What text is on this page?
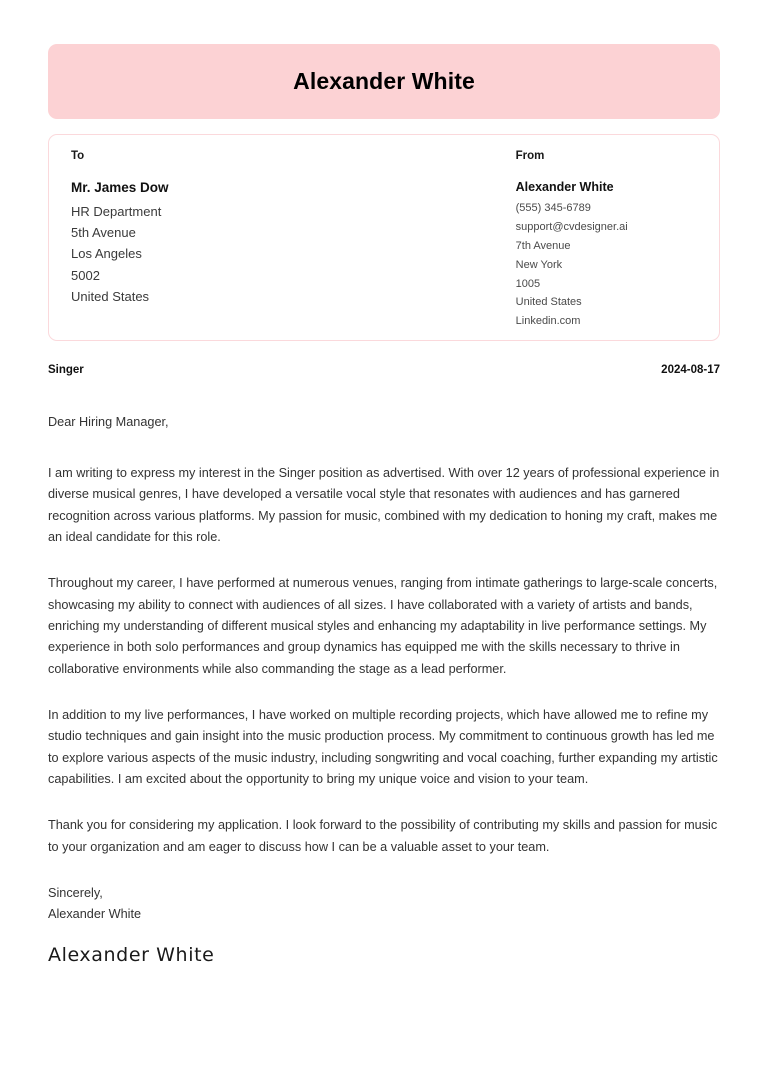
Alexander White
To
Mr. James Dow
HR Department
5th Avenue
Los Angeles
5002
United States
From
Alexander White
(555) 345-6789
support@cvdesigner.ai
7th Avenue
New York
1005
United States
Linkedin.com
Singer	2024-08-17

Dear Hiring Manager,

I am writing to express my interest in the Singer position as advertised. With over 12 years of professional experience in diverse musical genres, I have developed a versatile vocal style that resonates with audiences and has garnered recognition across various platforms. My passion for music, combined with my dedication to honing my craft, makes me an ideal candidate for this role.

Throughout my career, I have performed at numerous venues, ranging from intimate gatherings to large-scale concerts, showcasing my ability to connect with audiences of all sizes. I have collaborated with a variety of artists and bands, enriching my understanding of different musical styles and enhancing my adaptability in live performance settings. My experience in both solo performances and group dynamics has equipped me with the skills necessary to thrive in collaborative environments while also commanding the stage as a lead performer.

In addition to my live performances, I have worked on multiple recording projects, which have allowed me to refine my studio techniques and gain insight into the music production process. My commitment to continuous growth has led me to explore various aspects of the music industry, including songwriting and vocal coaching, further expanding my artistic capabilities. I am excited about the opportunity to bring my unique voice and vision to your team.

Thank you for considering my application. I look forward to the possibility of contributing my skills and passion for music to your organization and am eager to discuss how I can be a valuable asset to your team.

Sincerely,
Alexander White
Alexander White
